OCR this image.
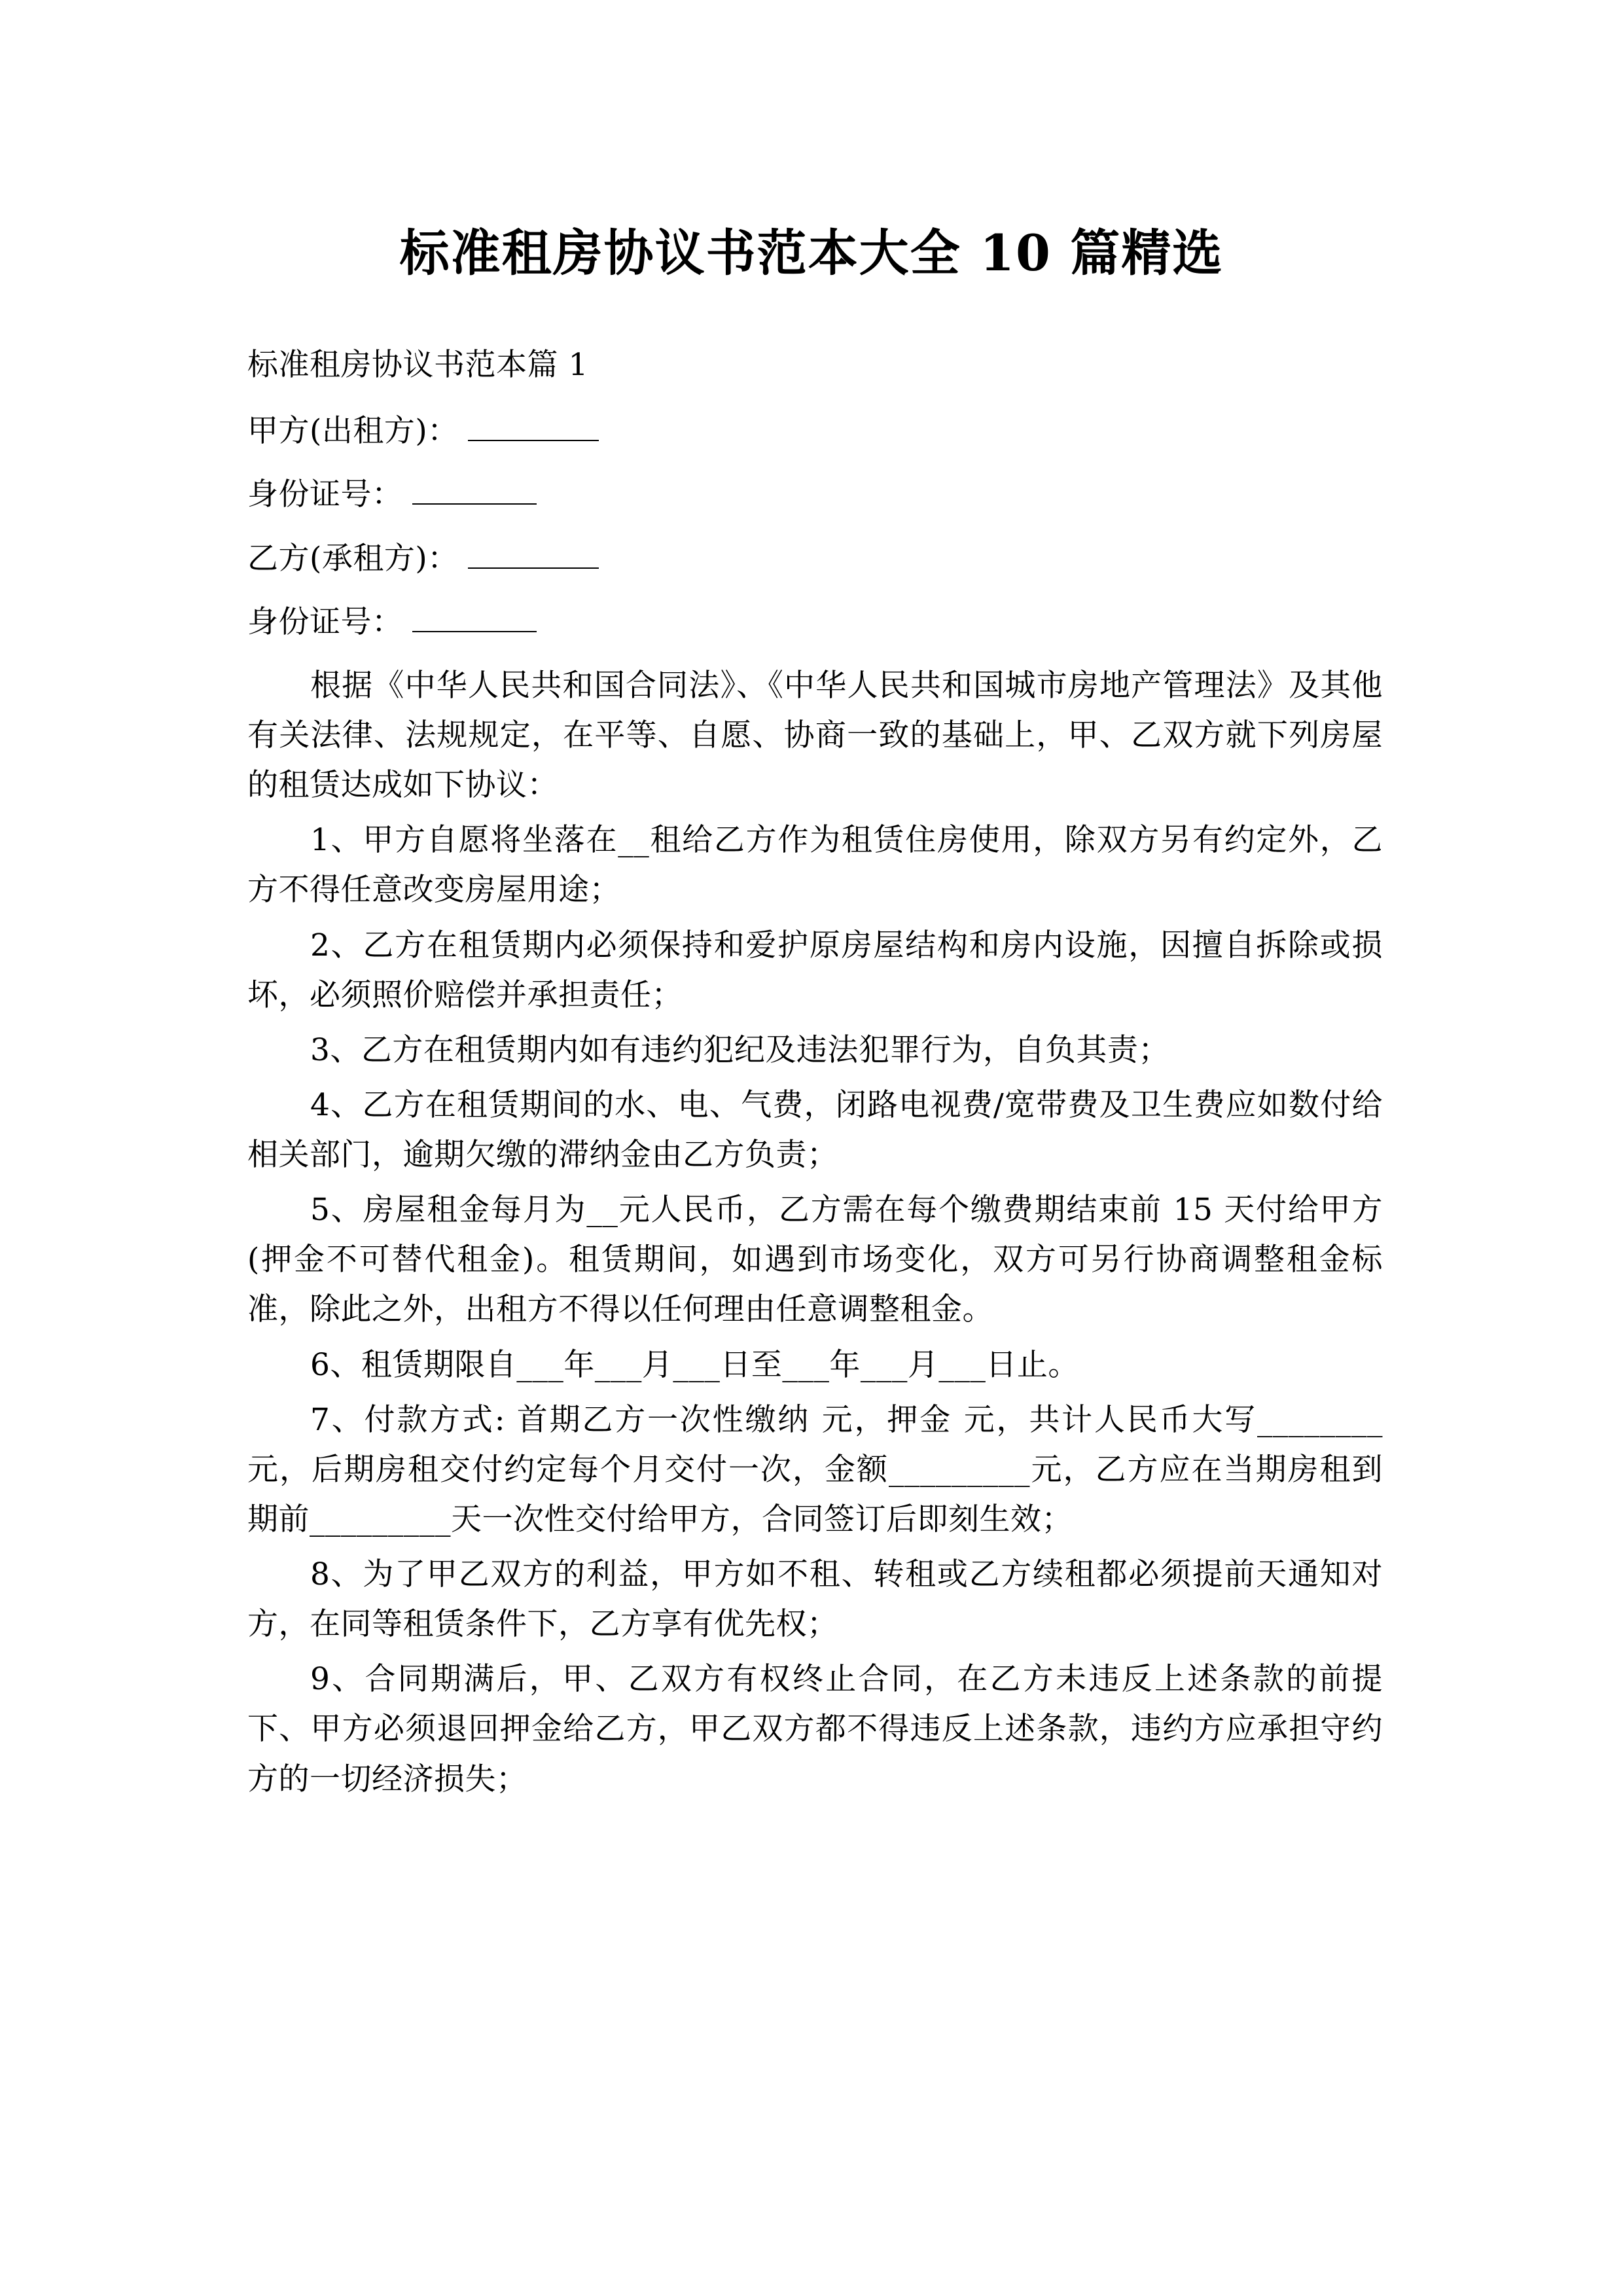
标准租房协议书范本大全 10 篇精选
标准租房协议书范本篇 1
甲方(出租方)：
身份证号：
乙方(承租方)：
身份证号：

根据《中华人民共和国合同法》、《中华人民共和国城市房地产管理法》及其他有关法律、法规规定，在平等、自愿、协商一致的基础上，甲、乙双方就下列房屋的租赁达成如下协议：

1、甲方自愿将坐落在__租给乙方作为租赁住房使用，除双方另有约定外，乙方不得任意改变房屋用途；

2、乙方在租赁期内必须保持和爱护原房屋结构和房内设施，因擅自拆除或损坏，必须照价赔偿并承担责任；

3、乙方在租赁期内如有违约犯纪及违法犯罪行为，自负其责；

4、乙方在租赁期间的水、电、气费，闭路电视费/宽带费及卫生费应如数付给相关部门，逾期欠缴的滞纳金由乙方负责；

5、房屋租金每月为__元人民币，乙方需在每个缴费期结束前 15 天付给甲方(押金不可替代租金)。租赁期间，如遇到市场变化，双方可另行协商调整租金标准，除此之外，出租方不得以任何理由任意调整租金。

6、租赁期限自___年___月___日至___年___月___日止。

7、付款方式: 首期乙方一次性缴纳 元，押金 元，共计人民币大写________元，后期房租交付约定每个月交付一次，金额_________元，乙方应在当期房租到期前_________天一次性交付给甲方，合同签订后即刻生效；

8、为了甲乙双方的利益，甲方如不租、转租或乙方续租都必须提前天通知对方，在同等租赁条件下，乙方享有优先权；

9、合同期满后，甲、乙双方有权终止合同，在乙方未违反上述条款的前提下、甲方必须退回押金给乙方，甲乙双方都不得违反上述条款，违约方应承担守约方的一切经济损失；
